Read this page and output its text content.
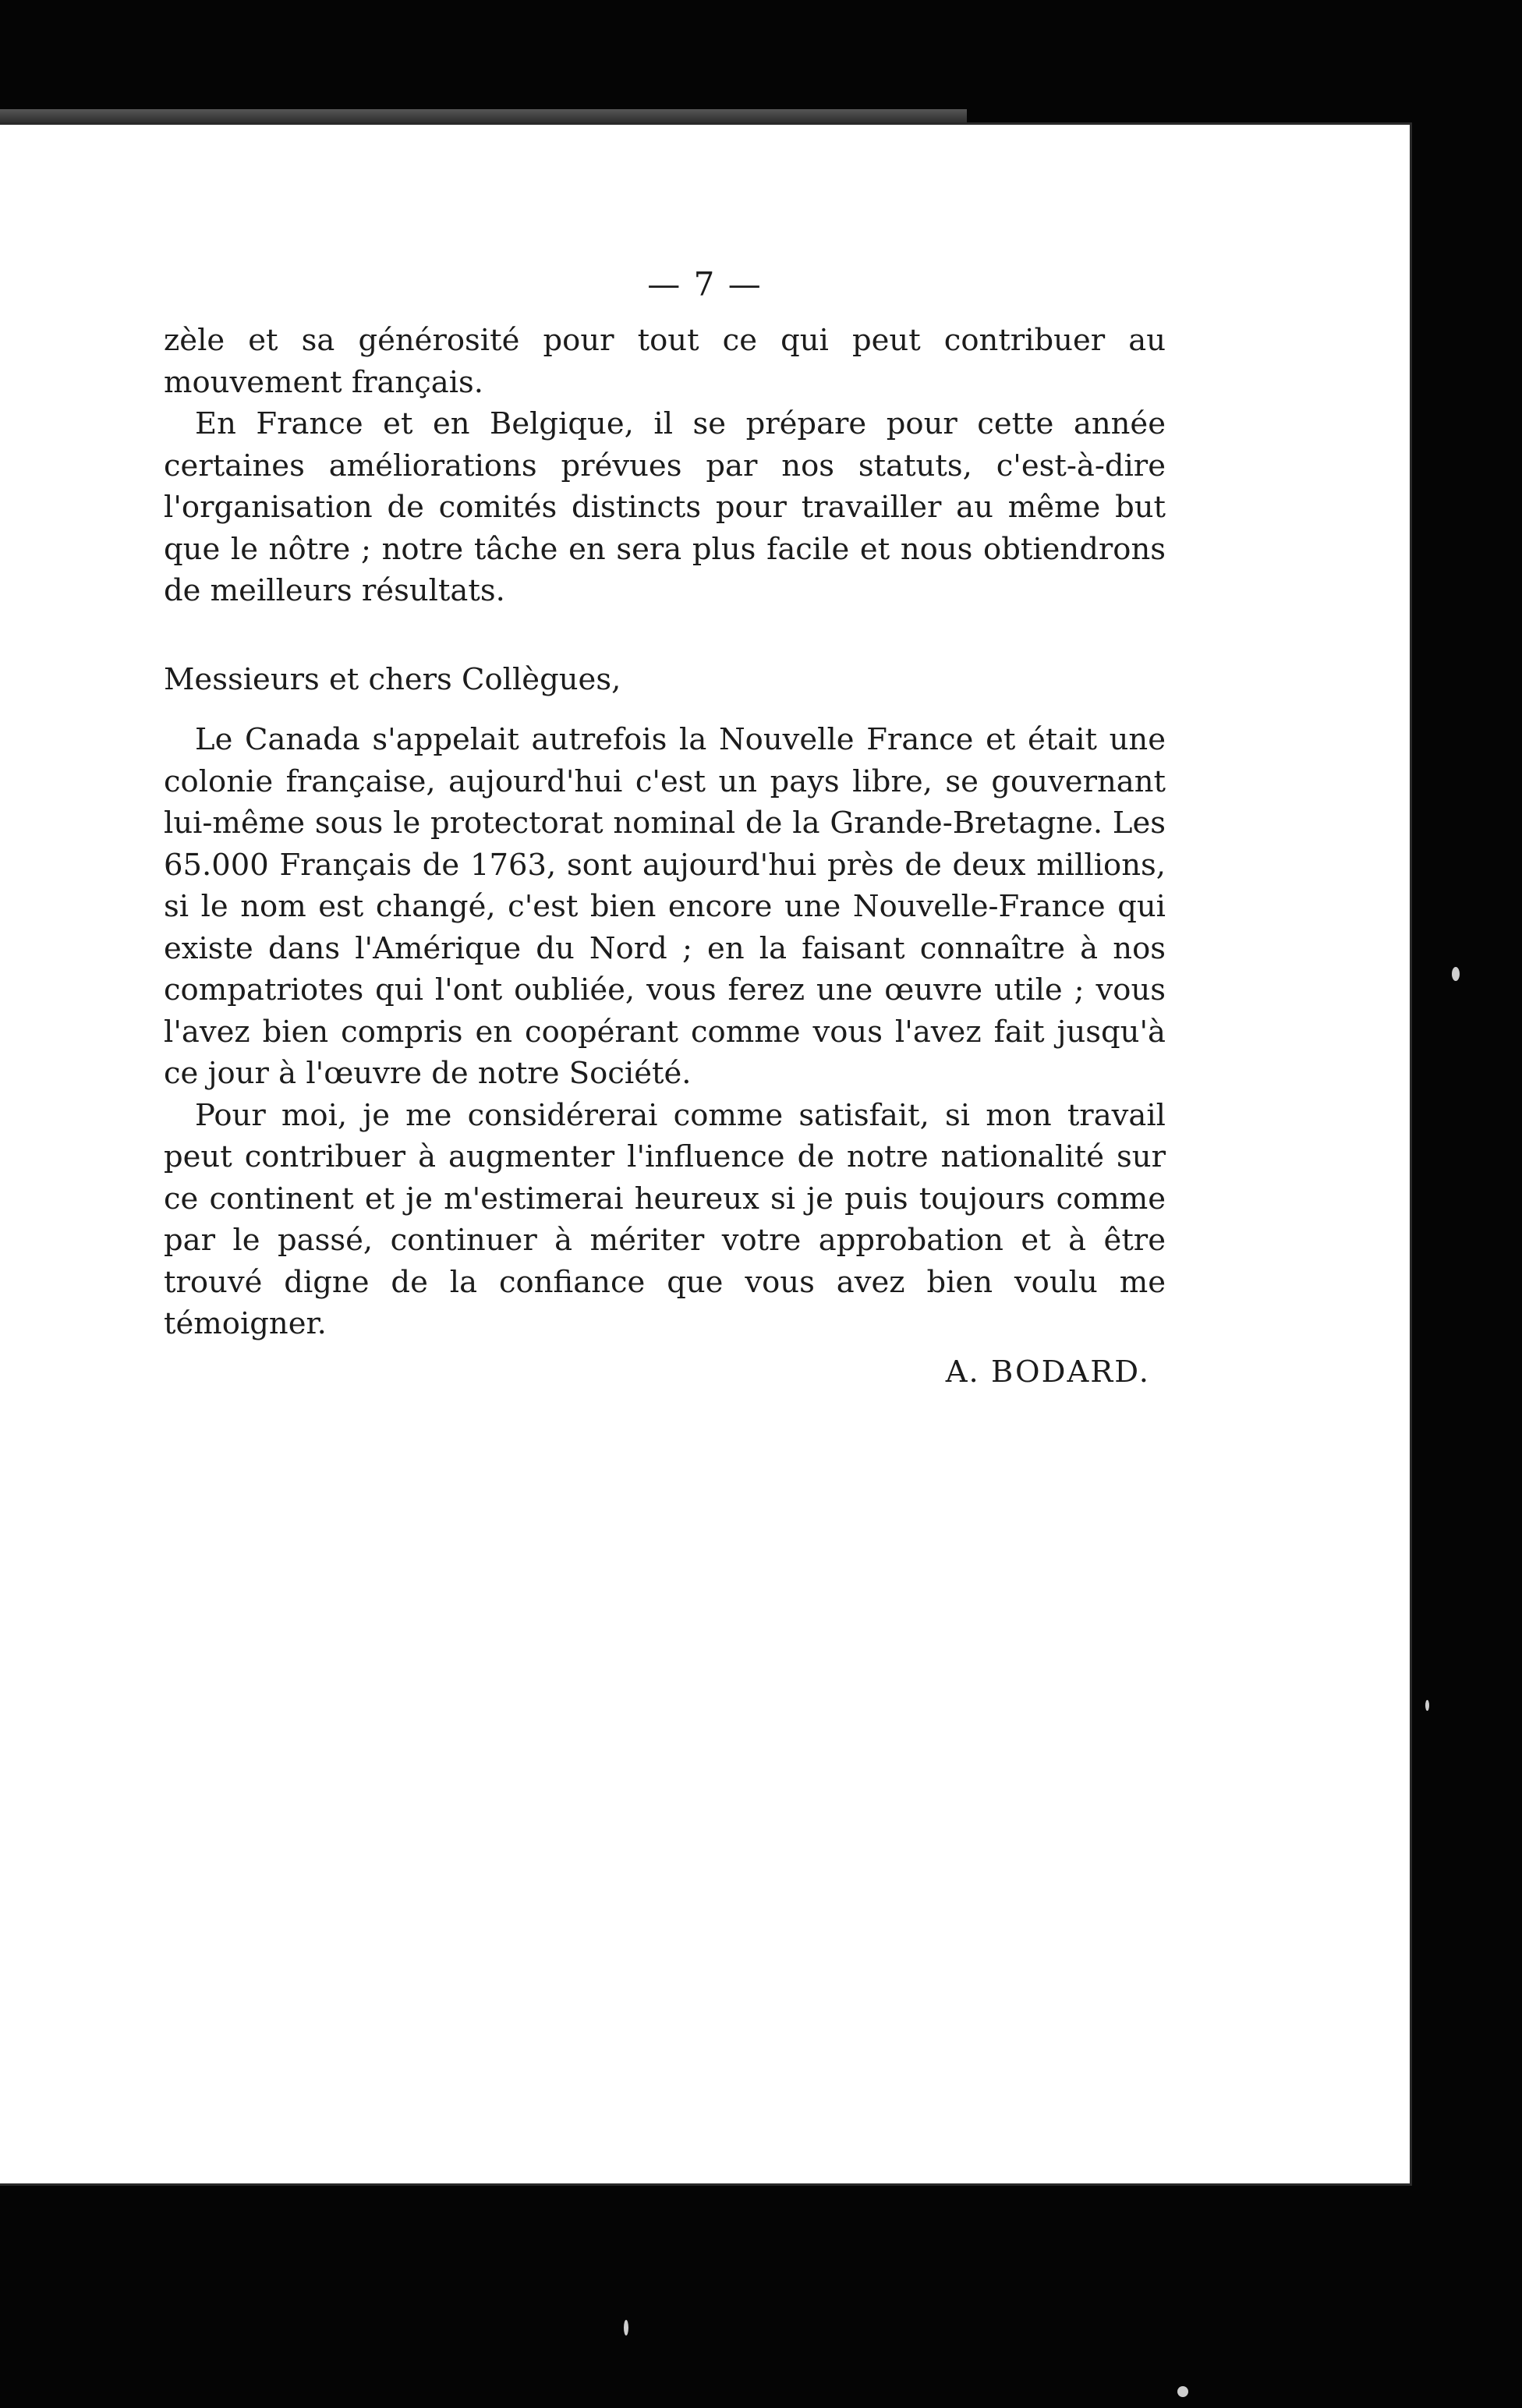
— 7 —

zèle et sa générosité pour tout ce qui peut contribuer au mouvement français.

En France et en Belgique, il se prépare pour cette année certaines améliorations prévues par nos statuts, c'est-à-dire l'organisation de comités distincts pour travailler au même but que le nôtre ; notre tâche en sera plus facile et nous obtiendrons de meilleurs résultats.

Messieurs et chers Collègues,

Le Canada s'appelait autrefois la Nouvelle France et était une colonie française, aujourd'hui c'est un pays libre, se gouvernant lui-même sous le protectorat nominal de la Grande-Bretagne. Les 65.000 Français de 1763, sont aujourd'hui près de deux millions, si le nom est changé, c'est bien encore une Nouvelle-France qui existe dans l'Amérique du Nord ; en la faisant connaître à nos compatriotes qui l'ont oubliée, vous ferez une œuvre utile ; vous l'avez bien compris en coopérant comme vous l'avez fait jusqu'à ce jour à l'œuvre de notre Société.

Pour moi, je me considérerai comme satisfait, si mon travail peut contribuer à augmenter l'influence de notre nationalité sur ce continent et je m'estimerai heureux si je puis toujours comme par le passé, continuer à mériter votre approbation et à être trouvé digne de la confiance que vous avez bien voulu me témoigner.

A. BODARD.
